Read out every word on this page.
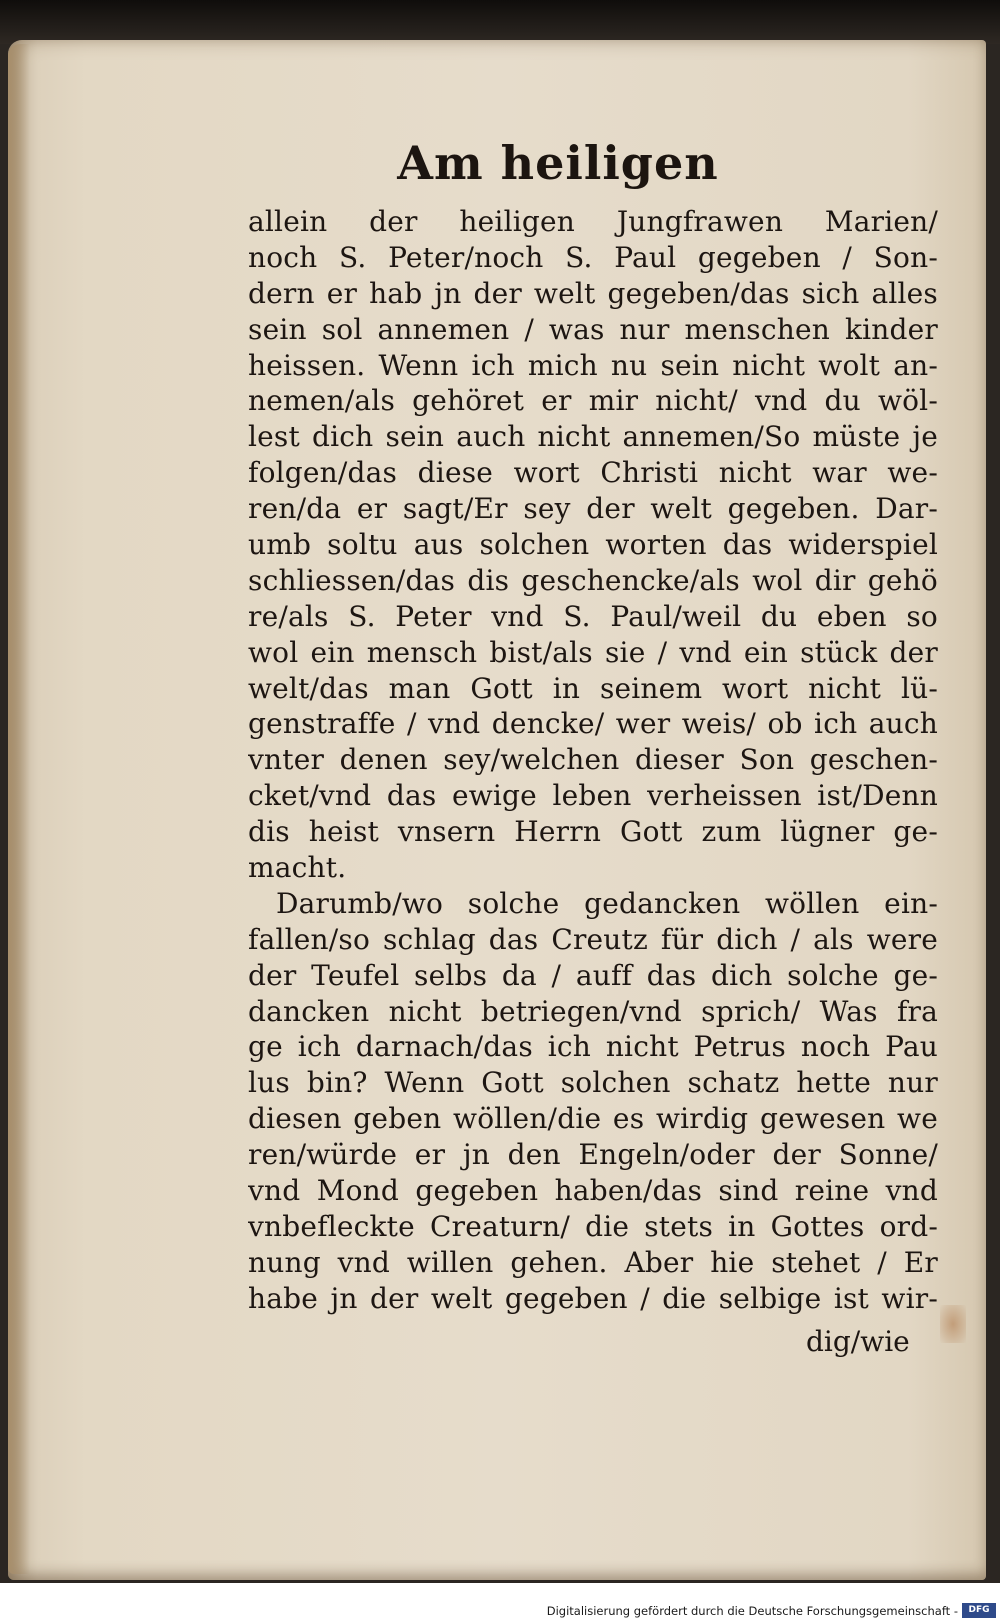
Am heiligen
allein der heiligen Jungfrawen Marien/
noch S. Peter/noch S. Paul gegeben / Son-
dern er hab jn der welt gegeben/das sich alles
sein sol annemen / was nur menschen kinder
heissen. Wenn ich mich nu sein nicht wolt an-
nemen/als gehöret er mir nicht/ vnd du wöl-
lest dich sein auch nicht annemen/So müste je
folgen/das diese wort Christi nicht war we-
ren/da er sagt/Er sey der welt gegeben. Dar-
umb soltu aus solchen worten das widerspiel
schliessen/das dis geschencke/als wol dir gehö
re/als S. Peter vnd S. Paul/weil du eben so
wol ein mensch bist/als sie / vnd ein stück der
welt/das man Gott in seinem wort nicht lü-
genstraffe / vnd dencke/ wer weis/ ob ich auch
vnter denen sey/welchen dieser Son geschen-
cket/vnd das ewige leben verheissen ist/Denn
dis heist vnsern Herrn Gott zum lügner ge-
macht.
Darumb/wo solche gedancken wöllen ein-
fallen/so schlag das Creutz für dich / als were
der Teufel selbs da / auff das dich solche ge-
dancken nicht betriegen/vnd sprich/ Was fra
ge ich darnach/das ich nicht Petrus noch Pau
lus bin? Wenn Gott solchen schatz hette nur
diesen geben wöllen/die es wirdig gewesen we
ren/würde er jn den Engeln/oder der Sonne/
vnd Mond gegeben haben/das sind reine vnd
vnbefleckte Creaturn/ die stets in Gottes ord-
nung vnd willen gehen. Aber hie stehet / Er
habe jn der welt gegeben / die selbige ist wir-
dig/wie
Digitalisierung gefördert durch die Deutsche Forschungsgemeinschaft -	DFG
